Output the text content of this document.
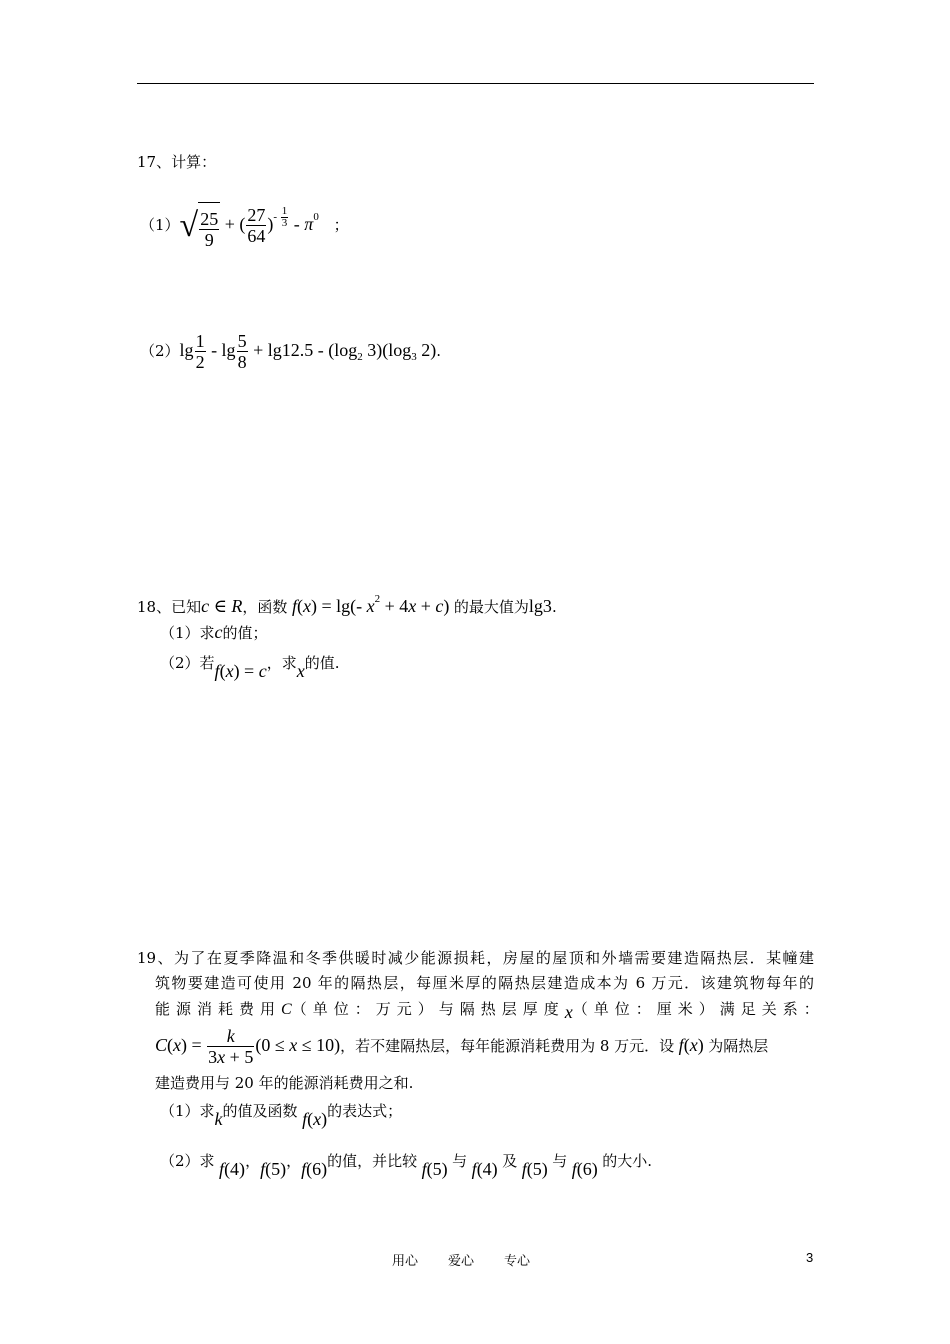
17、计算：
$(1)√ \frac{25}{9}$ + ( $\frac{27}{64} )^{- \frac{1}{3}} - \pi^0$ ；
$(2)\lg \frac{1}{2} - \lg \frac{5}{8} + \lg 12.5 - (\log_2$ $3)(\log_3$ 2).
18、已知c ∈ R，函数 f(x) = lg(- $x^2 + 4x + c$) 的最大值为lg3.
（1）求c的值；
（2）若f(x) = c，求x的值.
19、为了在夏季降温和冬季供暖时减少能源损耗，房屋的屋顶和外墙需要建造隔热层．某幢建
筑物要建造可使用 20 年的隔热层，每厘米厚的隔热层建造成本为 6 万元．该建筑物每年的
能源消耗费用 C （单位：万元）与隔热层厚度 x （单位：厘米）满足关系：
$C(x) = \frac{k}{3x + 5} (0 \le x \le 10)$，若不建隔热层，每年能源消耗费用为 8 万元．设 f(x) 为隔热层
建造费用与 20 年的能源消耗费用之和.
（1）求k的值及函数 f(x)的表达式；
（2）求 f(4)，f(5)，f(6)的值，并比较 f(5) 与 f(4) 及 f(5) 与 f(6) 的大小.
用心 爱心 专心	3
